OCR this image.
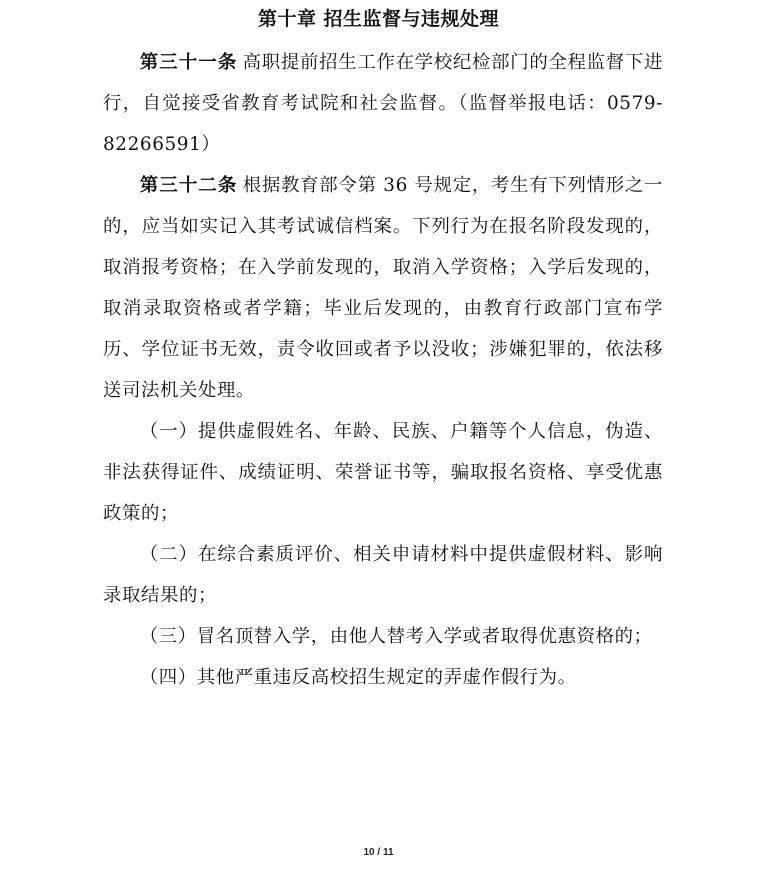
第十章 招生监督与违规处理

第三十一条  高职提前招生工作在学校纪检部门的全程监督下进行，自觉接受省教育考试院和社会监督。（监督举报电话：0579-82266591）

第三十二条  根据教育部令第 36 号规定，考生有下列情形之一的，应当如实记入其考试诚信档案。下列行为在报名阶段发现的，取消报考资格；在入学前发现的，取消入学资格；入学后发现的，取消录取资格或者学籍；毕业后发现的，由教育行政部门宣布学历、学位证书无效，责令收回或者予以没收；涉嫌犯罪的，依法移送司法机关处理。

（一）提供虚假姓名、年龄、民族、户籍等个人信息，伪造、非法获得证件、成绩证明、荣誉证书等，骗取报名资格、享受优惠政策的；

（二）在综合素质评价、相关申请材料中提供虚假材料、影响录取结果的；

（三）冒名顶替入学，由他人替考入学或者取得优惠资格的；

（四）其他严重违反高校招生规定的弄虚作假行为。

10 / 11
